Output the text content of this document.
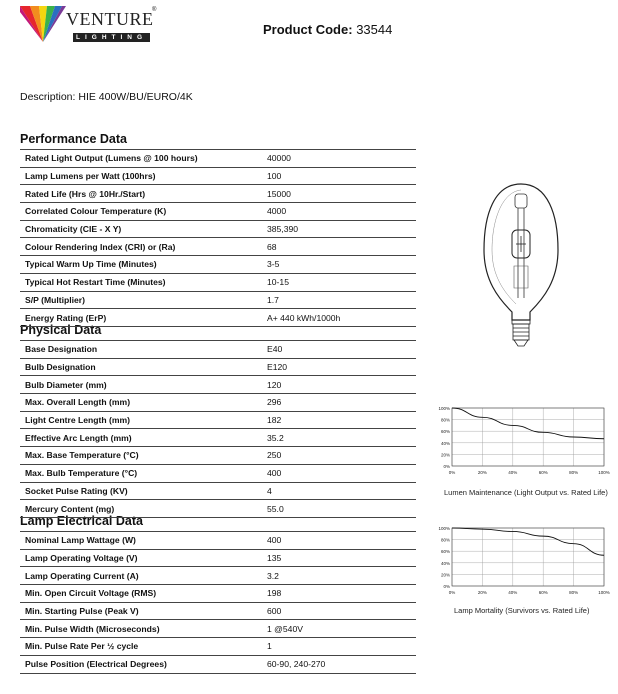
VENTURE
®
LIGHTING
Product Code: 33544
Description: HIE 400W/BU/EURO/4K
Performance Data
Physical Data
Lamp Electrical Data
Rated Light Output (Lumens @ 100 hours)	40000
Lamp Lumens per Watt (100hrs)	100
Rated Life (Hrs @ 10Hr./Start)	15000
Correlated Colour Temperature (K)	4000
Chromaticity (CIE - X Y)	385,390
Colour Rendering Index (CRI) or (Ra)	68
Typical Warm Up Time (Minutes)	3-5
Typical Hot Restart Time (Minutes)	10-15
S/P (Multiplier)	1.7
Energy Rating (ErP)	A+ 440 kWh/1000h
Base Designation	E40
Bulb Designation	E120
Bulb Diameter (mm)	120
Max. Overall Length (mm)	296
Light Centre Length (mm)	182
Effective Arc Length (mm)	35.2
Max. Base Temperature (°C)	250
Max. Bulb Temperature (°C)	400
Socket Pulse Rating (KV)	4
Mercury Content (mg)	55.0
Nominal Lamp Wattage (W)	400
Lamp Operating Voltage (V)	135
Lamp Operating Current (A)	3.2
Min. Open Circuit Voltage (RMS)	198
Min. Starting Pulse (Peak V)	600
Min. Pulse Width (Microseconds)	1 @540V
Min. Pulse Rate Per ½ cycle	1
Pulse Position (Electrical Degrees)	60-90, 240-270
0%
20%
40%
60%
80%
100%
0%	20%	40%	60%	80%	100%
Lumen Maintenance (Light Output vs. Rated Life)
0%
20%
40%
60%
80%
100%
0%	20%	40%	60%	80%	100%
Lamp Mortality (Survivors vs. Rated Life)
